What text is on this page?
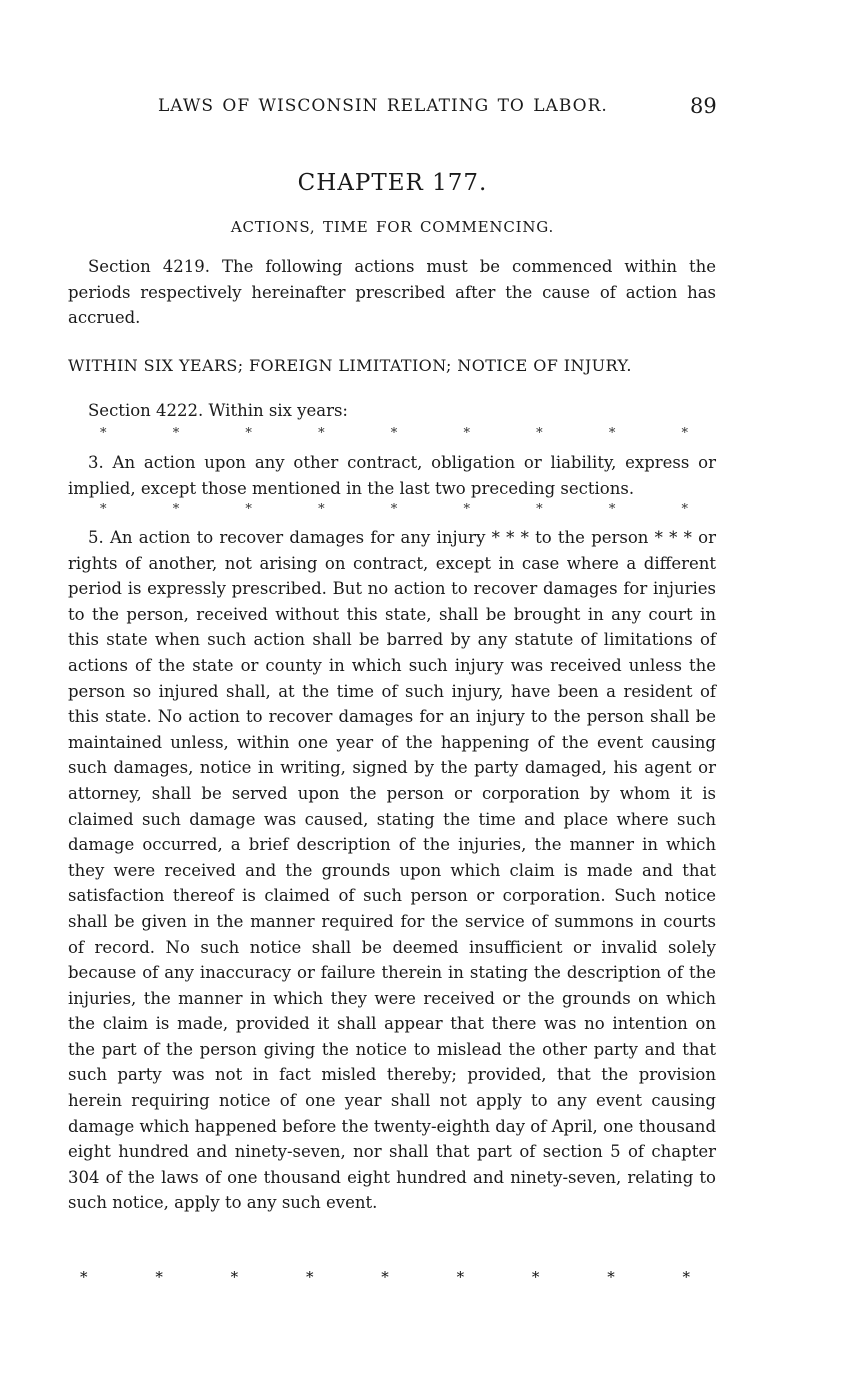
LAWS OF WISCONSIN RELATING TO LABOR.	89
CHAPTER 177.
ACTIONS, TIME FOR COMMENCING.

Section 4219. The following actions must be commenced within the periods respectively hereinafter prescribed after the cause of action has accrued.

WITHIN SIX YEARS; FOREIGN LIMITATION; NOTICE OF INJURY.

Section 4222. Within six years:

*	*	*	*	*	*	*	*	*

3. An action upon any other contract, obligation or liability, express or implied, except those mentioned in the last two preceding sections.

*	*	*	*	*	*	*	*	*

5. An action to recover damages for any injury * * * to the person * * * or rights of another, not arising on contract, except in case where a different period is expressly prescribed. But no action to recover damages for injuries to the person, received without this state, shall be brought in any court in this state when such action shall be barred by any statute of limitations of actions of the state or county in which such injury was received unless the person so injured shall, at the time of such injury, have been a resident of this state. No action to recover damages for an injury to the person shall be maintained unless, within one year of the happening of the event causing such damages, notice in writing, signed by the party damaged, his agent or attorney, shall be served upon the person or corporation by whom it is claimed such damage was caused, stating the time and place where such damage occurred, a brief description of the injuries, the manner in which they were received and the grounds upon which claim is made and that satisfaction thereof is claimed of such person or corporation. Such notice shall be given in the manner required for the service of summons in courts of record. No such notice shall be deemed insufficient or invalid solely because of any inaccuracy or failure therein in stating the description of the injuries, the manner in which they were received or the grounds on which the claim is made, provided it shall appear that there was no intention on the part of the person giving the notice to mislead the other party and that such party was not in fact misled thereby; provided, that the provision herein requiring notice of one year shall not apply to any event causing damage which happened before the twenty-eighth day of April, one thousand eight hundred and ninety-seven, nor shall that part of section 5 of chapter 304 of the laws of one thousand eight hundred and ninety-seven, relating to such notice, apply to any such event.

*	*	*	*	*	*	*	*	*
